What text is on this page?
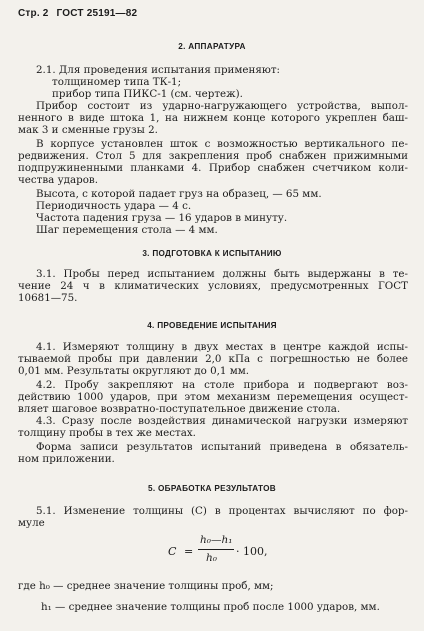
Стр. 2 ГОСТ 25191—82
2. АППАРАТУРА
2.1. Для проведения испытания применяют:
толщиномер типа ТК-1;
прибор типа ПИКС-1 (см. чертеж).
Прибор состоит из ударно-нагружающего устройства, выпол-
ненного в виде штока 1, на нижнем конце которого укреплен баш-
мак 3 и сменные грузы 2.
В корпусе установлен шток с возможностью вертикального пе-
редвижения. Стол 5 для закрепления проб снабжен прижимными
подпружиненными планками 4. Прибор снабжен счетчиком коли-
чества ударов.
Высота, с которой падает груз на образец, — 65 мм.
Периодичность удара — 4 с.
Частота падения груза — 16 ударов в минуту.
Шаг перемещения стола — 4 мм.
3. ПОДГОТОВКА К ИСПЫТАНИЮ
3.1. Пробы перед испытанием должны быть выдержаны в те-
чение 24 ч в климатических условиях, предусмотренных ГОСТ
10681—75.
4. ПРОВЕДЕНИЕ ИСПЫТАНИЯ
4.1. Измеряют толщину в двух местах в центре каждой испы-
тываемой пробы при давлении 2,0 кПа с погрешностью не более
0,01 мм. Результаты округляют до 0,1 мм.
4.2. Пробу закрепляют на столе прибора и подвергают воз-
действию 1000 ударов, при этом механизм перемещения осущест-
вляет шаговое возвратно-поступательное движение стола.
4.3. Сразу после воздействия динамической нагрузки измеряют
толщину пробы в тех же местах.
Форма записи результатов испытаний приведена в обязатель-
ном приложении.
5. ОБРАБОТКА РЕЗУЛЬТАТОВ
5.1. Изменение толщины (С) в процентах вычисляют по фор-
муле
С =
h₀—h₁
h₀ · 100,
где h₀ — среднее значение толщины проб, мм;
h₁ — среднее значение толщины проб после 1000 ударов, мм.
